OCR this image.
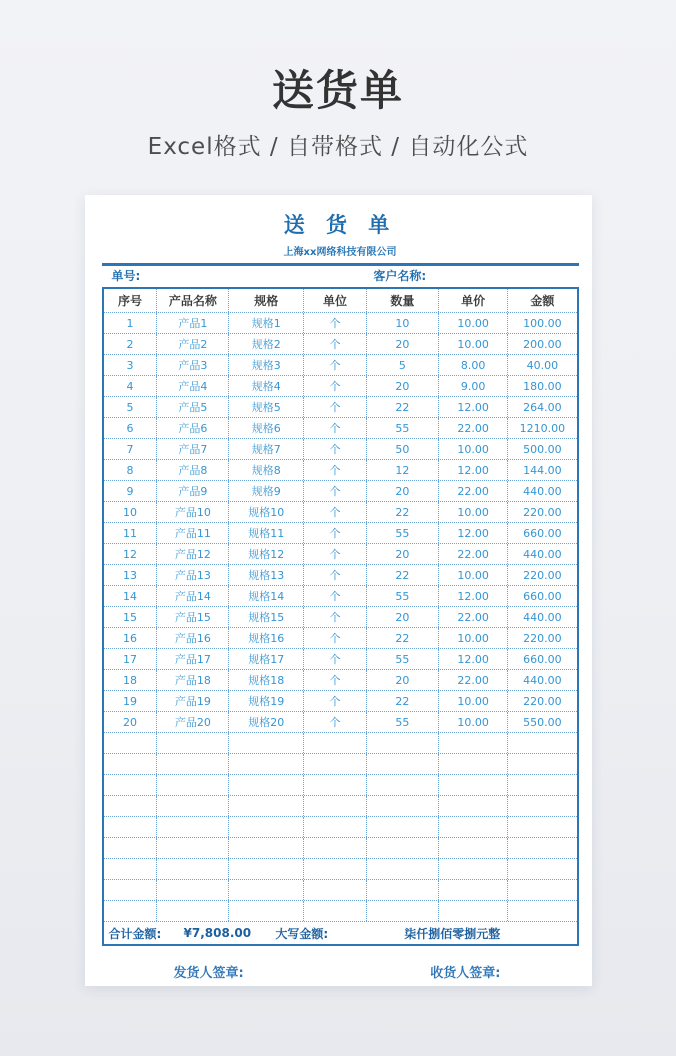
送货单
Excel格式 / 自带格式 / 自动化公式
送 货 单
上海xx网络科技有限公司
单号:	客户名称:
序号	产品名称	规格	单位	数量	单价	金额
1	产品1	规格1	个	10	10.00	100.00
2	产品2	规格2	个	20	10.00	200.00
3	产品3	规格3	个	5	8.00	40.00
4	产品4	规格4	个	20	9.00	180.00
5	产品5	规格5	个	22	12.00	264.00
6	产品6	规格6	个	55	22.00	1210.00
7	产品7	规格7	个	50	10.00	500.00
8	产品8	规格8	个	12	12.00	144.00
9	产品9	规格9	个	20	22.00	440.00
10	产品10	规格10	个	22	10.00	220.00
11	产品11	规格11	个	55	12.00	660.00
12	产品12	规格12	个	20	22.00	440.00
13	产品13	规格13	个	22	10.00	220.00
14	产品14	规格14	个	55	12.00	660.00
15	产品15	规格15	个	20	22.00	440.00
16	产品16	规格16	个	22	10.00	220.00
17	产品17	规格17	个	55	12.00	660.00
18	产品18	规格18	个	20	22.00	440.00
19	产品19	规格19	个	22	10.00	220.00
20	产品20	规格20	个	55	10.00	550.00
合计金额:	¥7,808.00	大写金额:	柒仟捌佰零捌元整
发货人签章:	收货人签章:
